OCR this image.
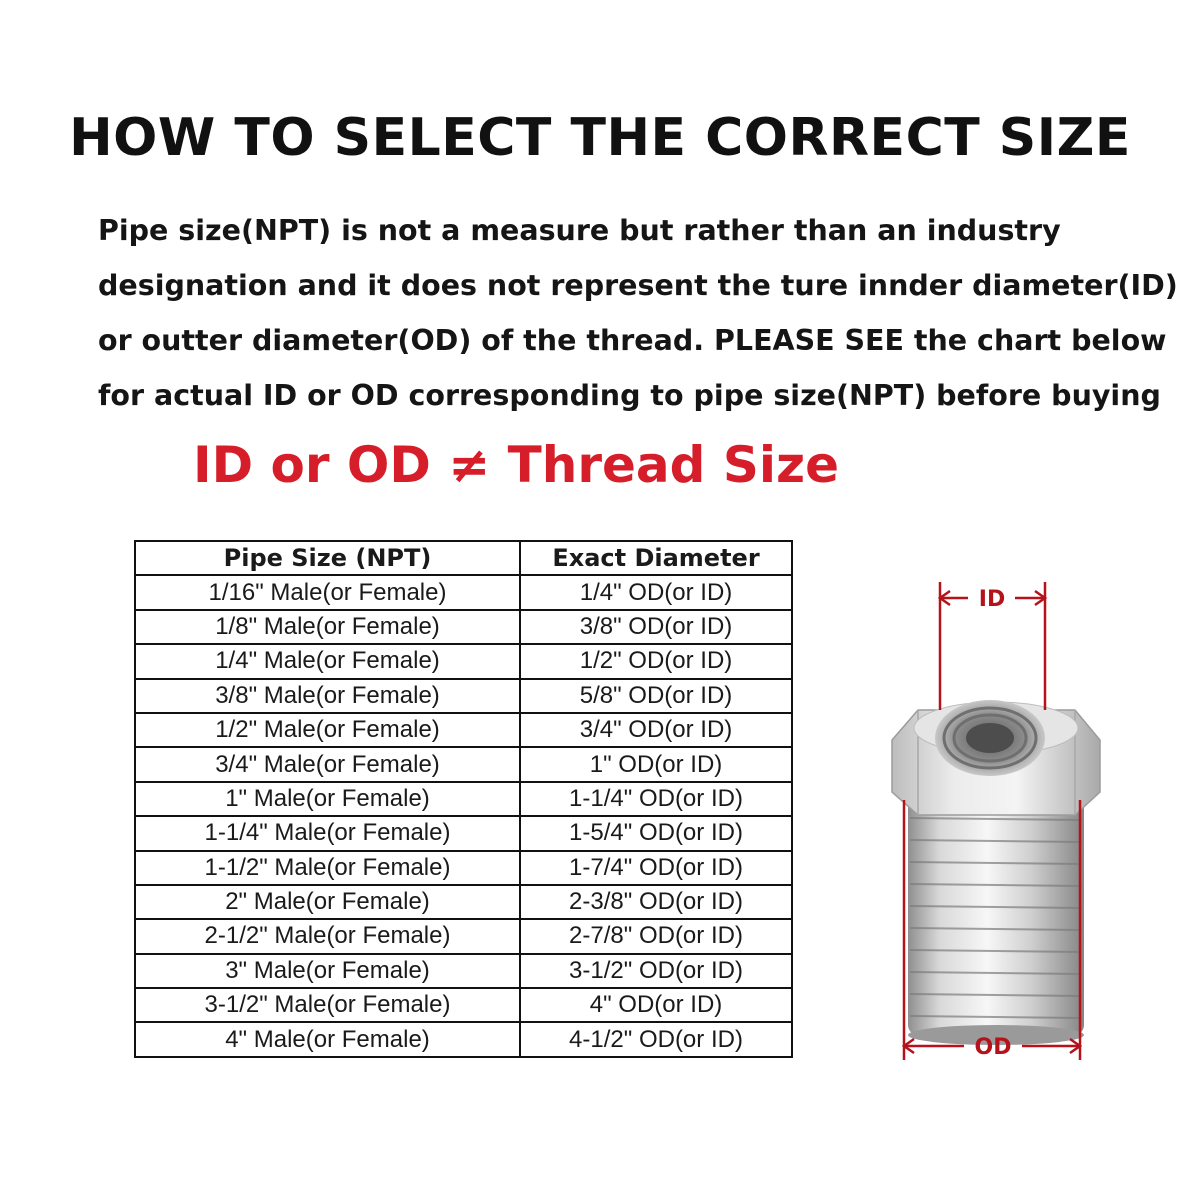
HOW TO SELECT THE CORRECT SIZE
Pipe size(NPT) is not a measure but rather than an industry
designation and it does not represent the ture innder diameter(ID)
or outter diameter(OD) of the thread. PLEASE SEE the chart below
for actual ID or OD corresponding to pipe size(NPT) before buying
ID or OD ≠ Thread Size
Pipe Size (NPT)	Exact Diameter
1/16" Male(or Female)	1/4" OD(or ID)
1/8" Male(or Female)	3/8" OD(or ID)
1/4" Male(or Female)	1/2" OD(or ID)
3/8" Male(or Female)	5/8" OD(or ID)
1/2" Male(or Female)	3/4" OD(or ID)
3/4" Male(or Female)	1" OD(or ID)
1" Male(or Female)	1-1/4" OD(or ID)
1-1/4" Male(or Female)	1-5/4" OD(or ID)
1-1/2" Male(or Female)	1-7/4" OD(or ID)
2" Male(or Female)	2-3/8" OD(or ID)
2-1/2" Male(or Female)	2-7/8" OD(or ID)
3" Male(or Female)	3-1/2" OD(or ID)
3-1/2" Male(or Female)	4" OD(or ID)
4" Male(or Female)	4-1/2" OD(or ID)
ID
OD
